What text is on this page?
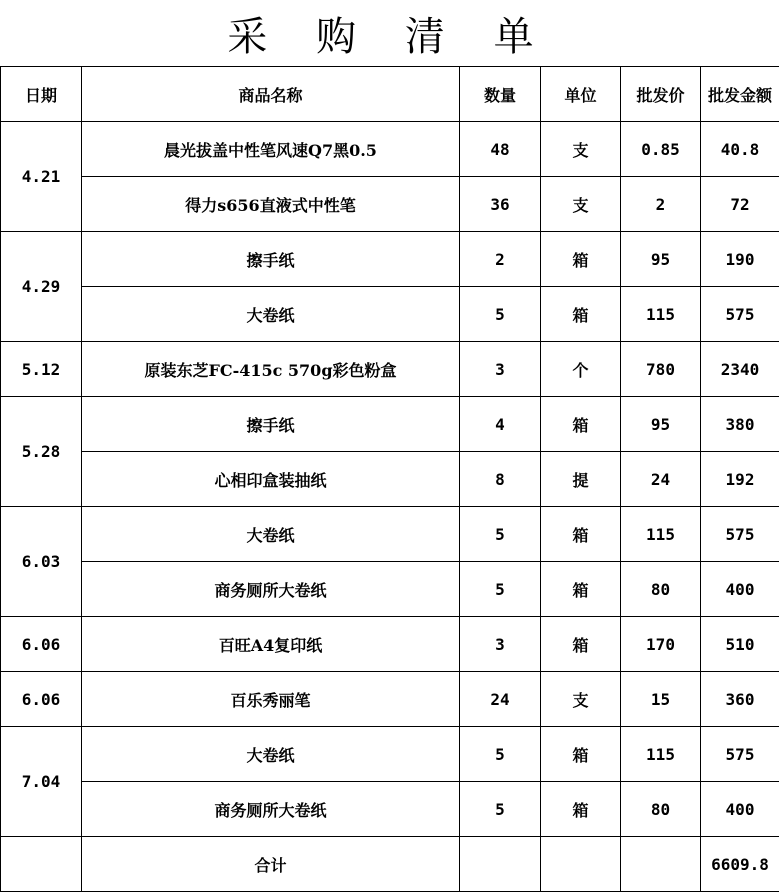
采 购 清 单
日期	商品名称	数量	单位	批发价	批发金额
4.21	晨光拔盖中性笔风速Q7黑0.5	48	支	0.85	40.8
	得力s656直液式中性笔	36	支	2	72
4.29	擦手纸	2	箱	95	190
	大卷纸	5	箱	115	575
5.12	原装东芝FC-415c 570g彩色粉盒	3	个	780	2340
5.28	擦手纸	4	箱	95	380
	心相印盒装抽纸	8	提	24	192
6.03	大卷纸	5	箱	115	575
	商务厕所大卷纸	5	箱	80	400
6.06	百旺A4复印纸	3	箱	170	510
6.06	百乐秀丽笔	24	支	15	360
7.04	大卷纸	5	箱	115	575
	商务厕所大卷纸	5	箱	80	400
	合计				6609.8
